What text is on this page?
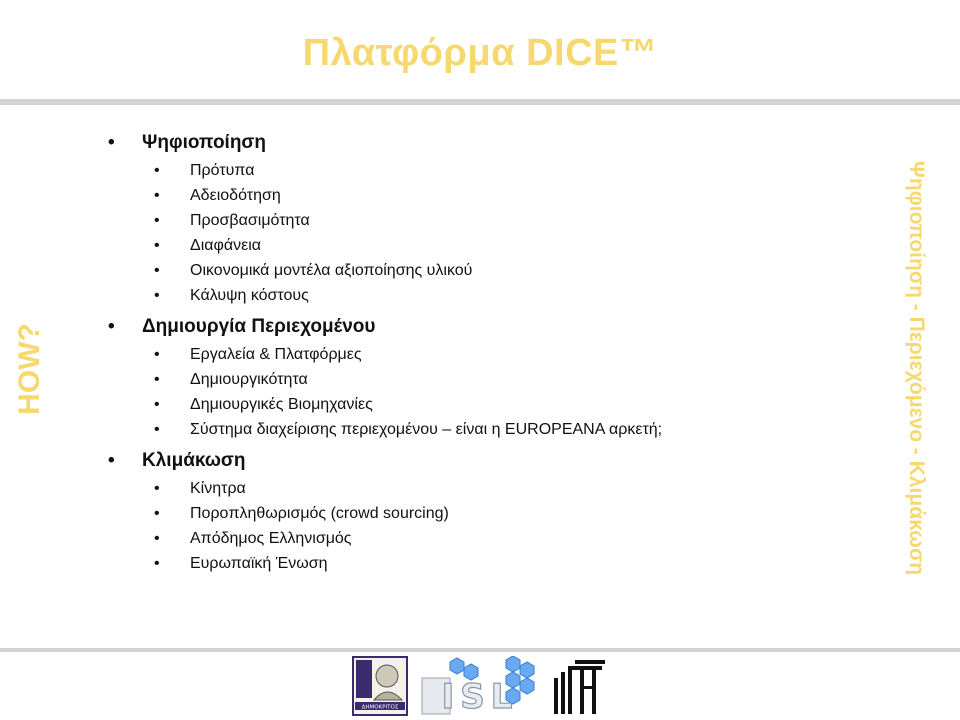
Πλατφόρμα DICE™
HOW?	Ψηφιοποίηση - Περιεχόμενο - Κλιμάκωση
• Ψηφιοποίηση
• Πρότυπα
• Αδειοδότηση
• Προσβασιμότητα
• Διαφάνεια
• Οικονομικά μοντέλα αξιοποίησης υλικού
• Κάλυψη κόστους
• Δημιουργία Περιεχομένου
• Εργαλεία & Πλατφόρμες
• Δημιουργικότητα
• Δημιουργικές Βιομηχανίες
• Σύστημα διαχείρισης περιεχομένου – είναι η EUROPEANA αρκετή;
• Κλιμάκωση
• Κίνητρα
• Πορoπληθωρισμός (crowd sourcing)
• Απόδημος Ελληνισμός
• Ευρωπαϊκή Ένωση
ΔΗΜΟΚΡΙΤΟΣ ISL
